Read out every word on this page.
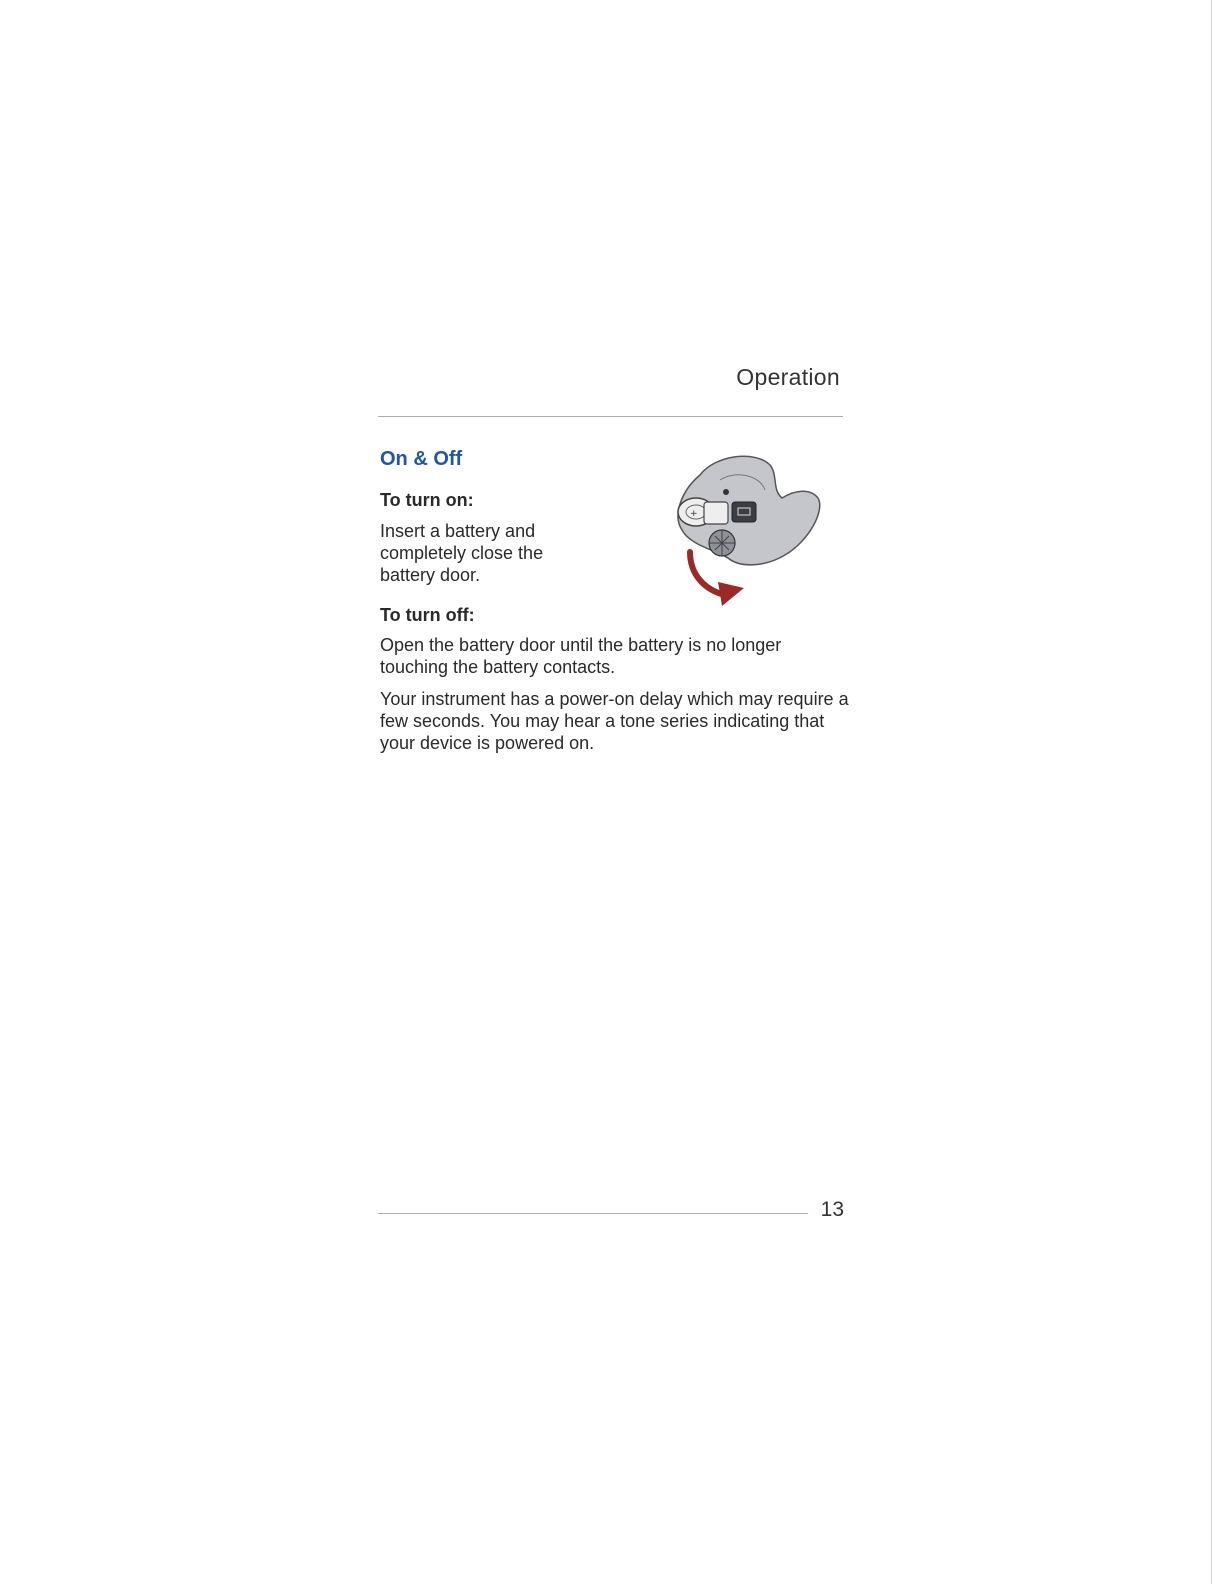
Operation
On & Off
To turn on:
Insert a battery and completely close the battery door.
+
To turn off:
Open the battery door until the battery is no longer touching the battery contacts.
Your instrument has a power-on delay which may require a few seconds. You may hear a tone series indicating that your device is powered on.
13
